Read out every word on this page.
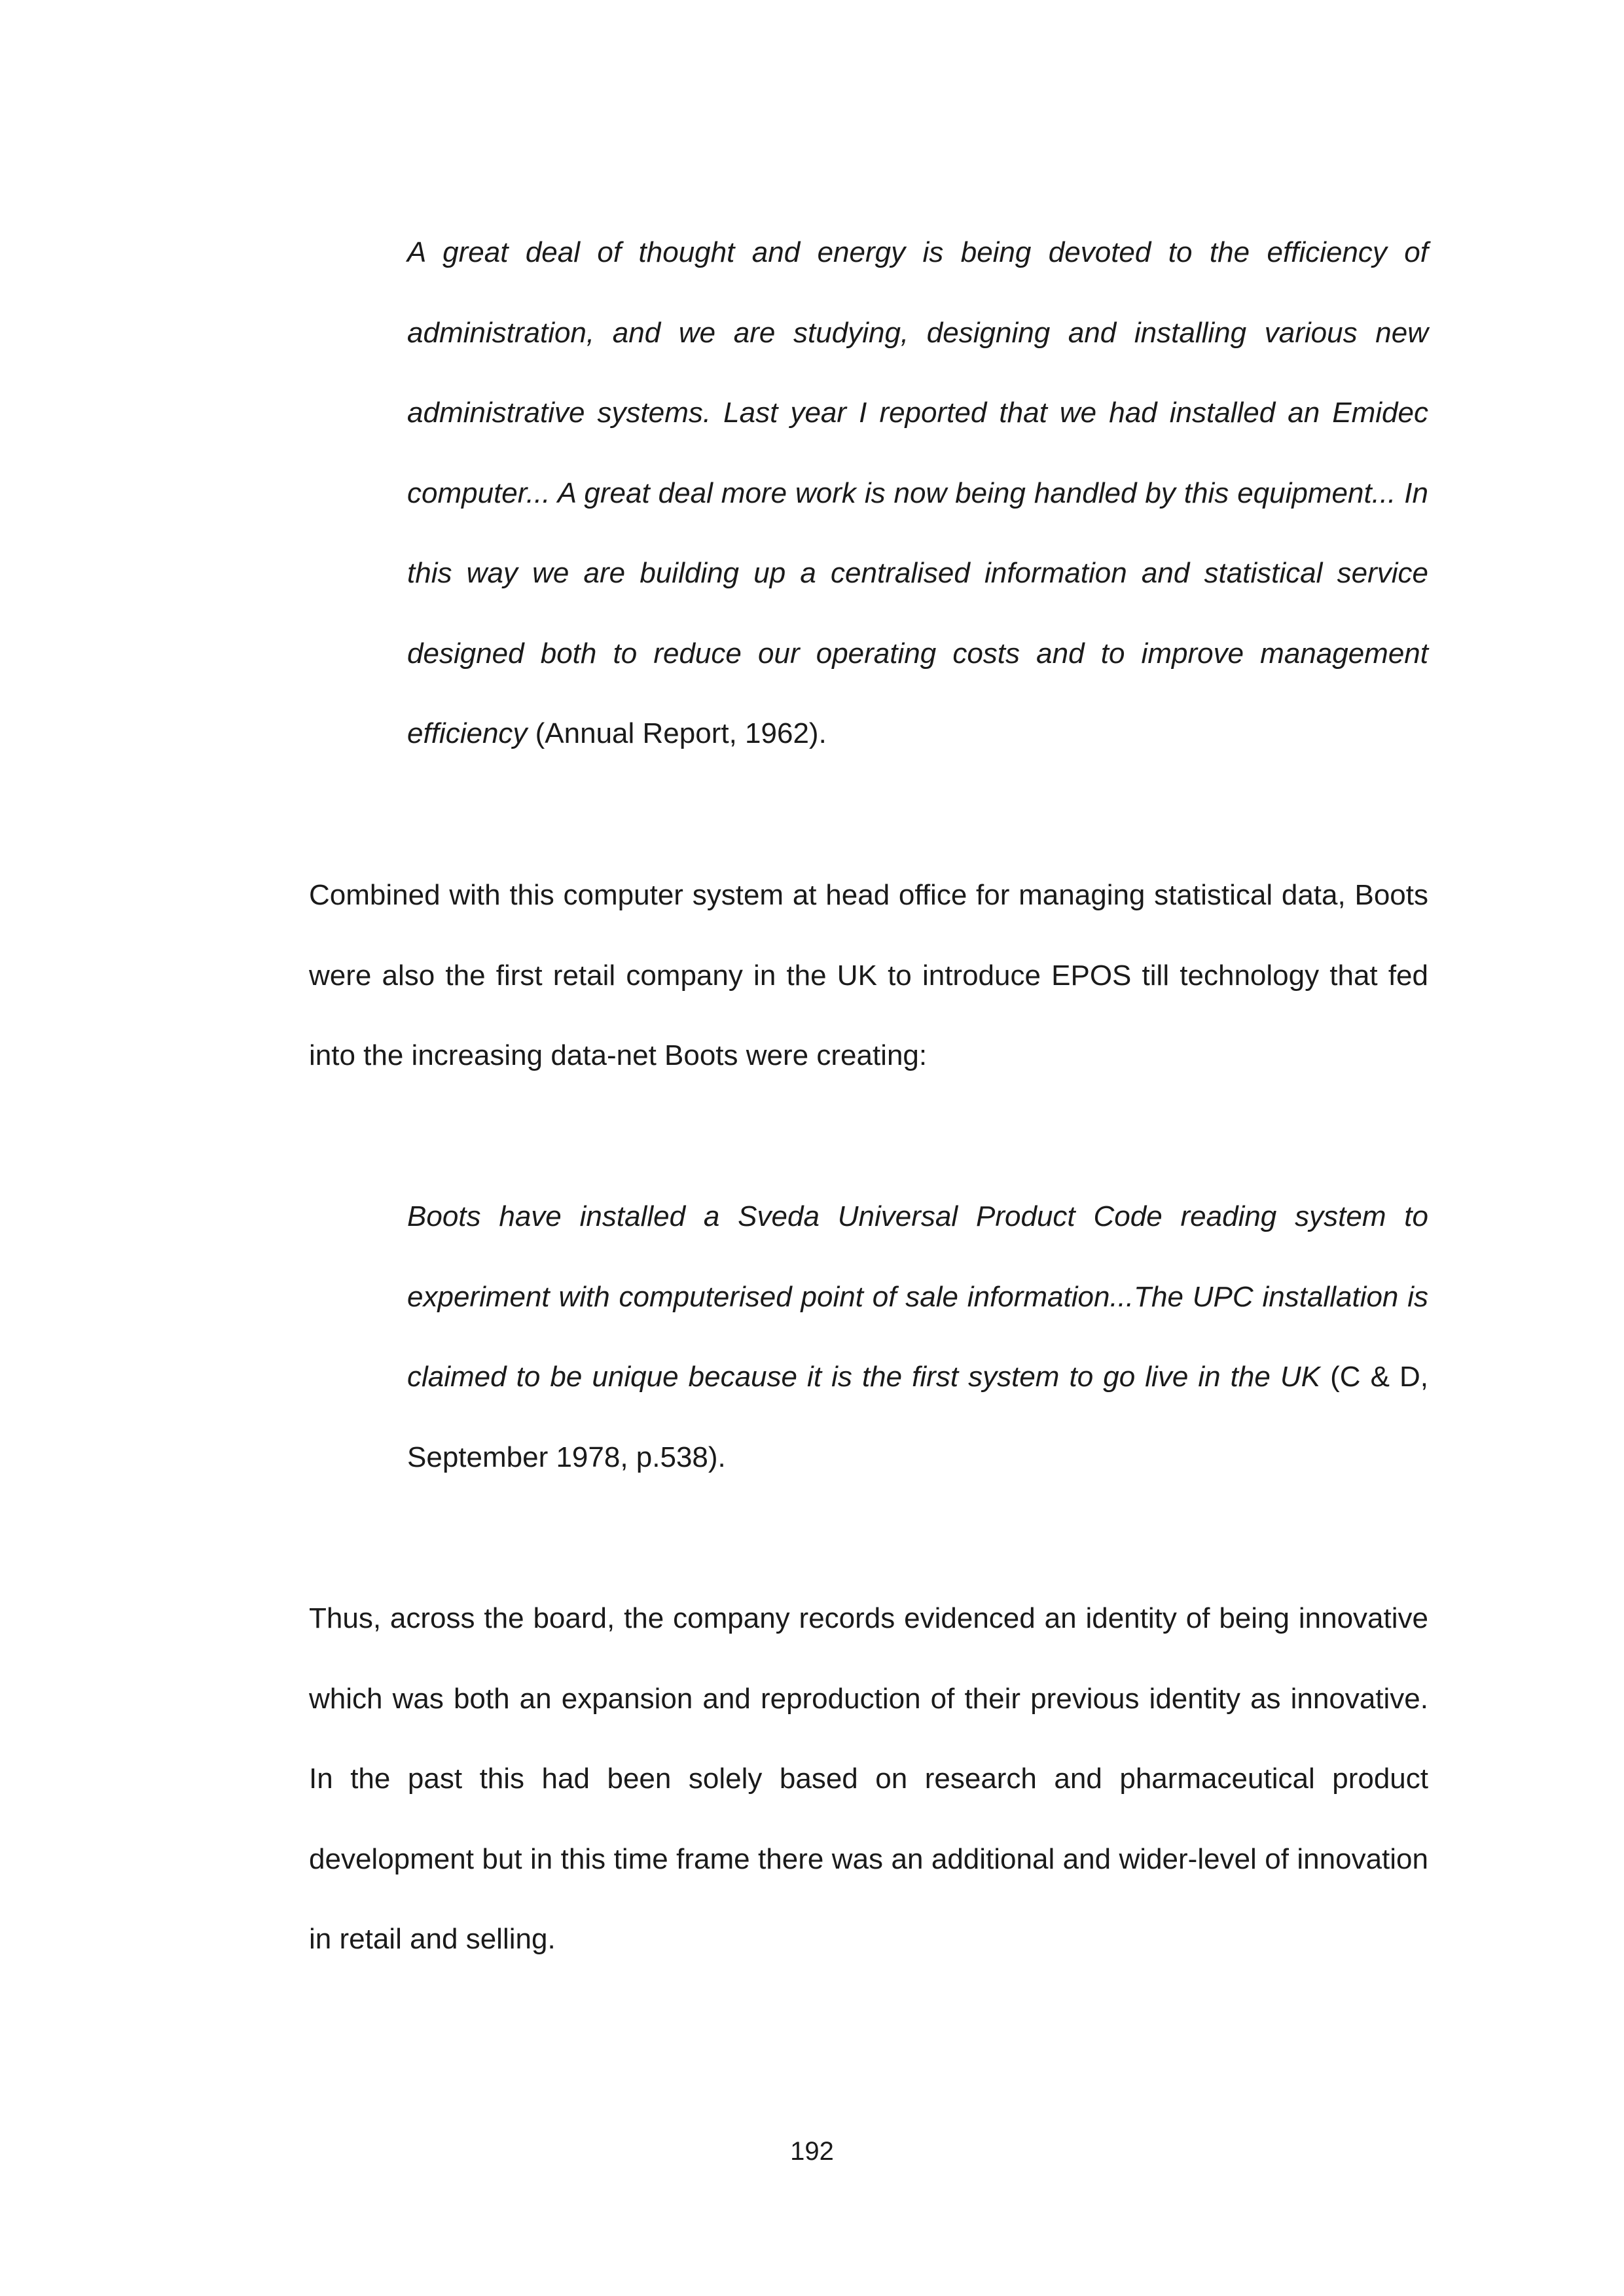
A great deal of thought and energy is being devoted to the efficiency of administration, and we are studying, designing and installing various new administrative systems. Last year I reported that we had installed an Emidec computer... A great deal more work is now being handled by this equipment... In this way we are building up a centralised information and statistical service designed both to reduce our operating costs and to improve management efficiency (Annual Report, 1962).

Combined with this computer system at head office for managing statistical data, Boots were also the first retail company in the UK to introduce EPOS till technology that fed into the increasing data-net Boots were creating:

Boots have installed a Sveda Universal Product Code reading system to experiment with computerised point of sale information...The UPC installation is claimed to be unique because it is the first system to go live in the UK (C & D, September 1978, p.538).

Thus, across the board, the company records evidenced an identity of being innovative which was both an expansion and reproduction of their previous identity as innovative. In the past this had been solely based on research and pharmaceutical product development but in this time frame there was an additional and wider-level of innovation in retail and selling.

192
